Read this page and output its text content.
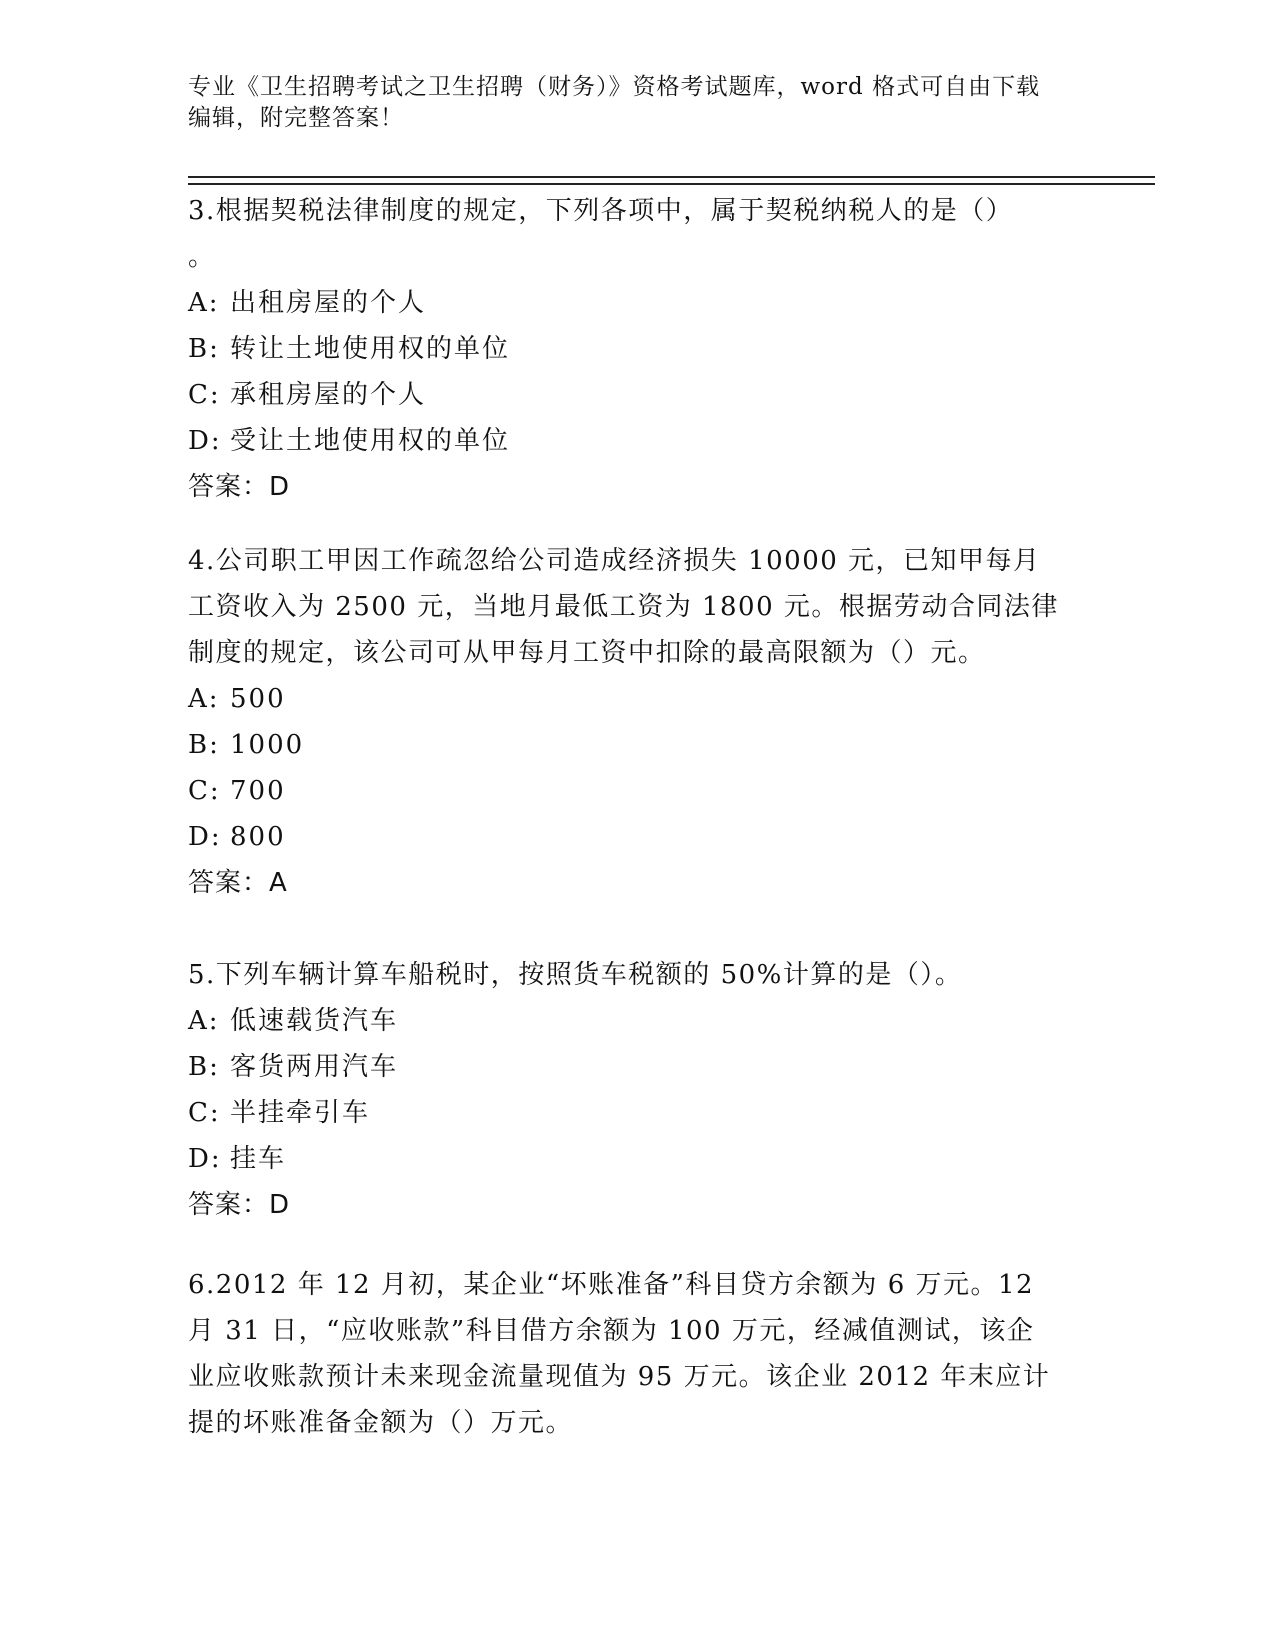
专业《卫生招聘考试之卫生招聘（财务）》资格考试题库，word 格式可自由下载
编辑，附完整答案！
3.根据契税法律制度的规定，下列各项中，属于契税纳税人的是（）
。
A: 出租房屋的个人
B: 转让土地使用权的单位
C: 承租房屋的个人
D: 受让土地使用权的单位
答案：D
4.公司职工甲因工作疏忽给公司造成经济损失 10000 元，已知甲每月
工资收入为 2500 元，当地月最低工资为 1800 元。根据劳动合同法律
制度的规定，该公司可从甲每月工资中扣除的最高限额为（）元。
A: 500
B: 1000
C: 700
D: 800
答案：A
5.下列车辆计算车船税时，按照货车税额的 50%计算的是（）。
A: 低速载货汽车
B: 客货两用汽车
C: 半挂牵引车
D: 挂车
答案：D
6.2012 年 12 月初，某企业“坏账准备”科目贷方余额为 6 万元。12
月 31 日，“应收账款”科目借方余额为 100 万元，经减值测试，该企
业应收账款预计未来现金流量现值为 95 万元。该企业 2012 年末应计
提的坏账准备金额为（）万元。
